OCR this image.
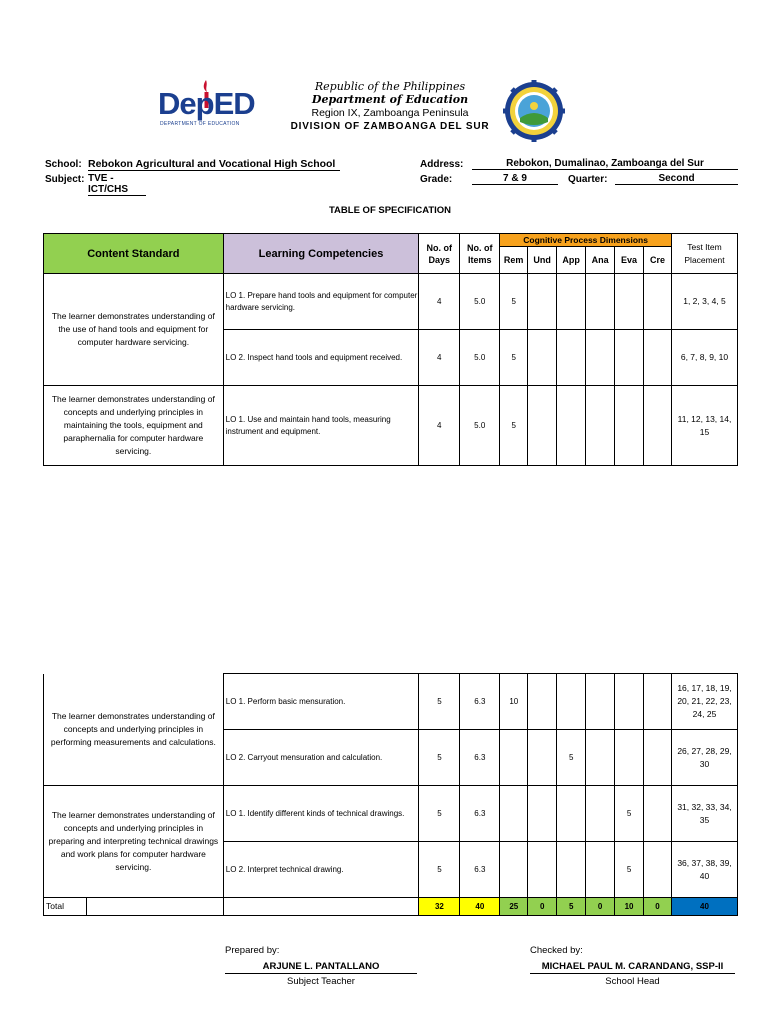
DepED
DEPARTMENT OF EDUCATION
Republic of the Philippines
Department of Education
Region IX, Zamboanga Peninsula
DIVISION OF ZAMBOANGA DEL SUR
School: Rebokon Agricultural and Vocational High School
Subject: TVE - ICT/CHS
Address:	Rebokon, Dumalinao, Zamboanga del Sur
Grade:	7 & 9	Quarter:	Second
TABLE OF SPECIFICATION
Content Standard	Learning Competencies	No. of Days	No. of Items	Cognitive Process Dimensions						Test Item Placement
				Rem	Und	App	Ana	Eva	Cre	
The learner demonstrates understanding of the use of hand tools and equipment for computer hardware servicing.	LO 1. Prepare hand tools and equipment for computer hardware servicing.	4	5.0	5						1, 2, 3, 4, 5
	LO 2. Inspect hand tools and equipment received.	4	5.0	5						6, 7, 8, 9, 10
The learner demonstrates understanding of concepts and underlying principles in maintaining the tools, equipment and paraphernalia for computer hardware servicing.	LO 1. Use and maintain hand tools, measuring instrument and equipment.	4	5.0	5						11, 12, 13, 14, 15
The learner demonstrates understanding of concepts and underlying principles in performing measurements and calculations.	LO 1. Perform basic mensuration.	5	6.3	10						16, 17, 18, 19, 20, 21, 22, 23, 24, 25
	LO 2. Carryout mensuration and calculation.	5	6.3			5				26, 27, 28, 29, 30
The learner demonstrates understanding of concepts and underlying principles in preparing and interpreting technical drawings and work plans for computer hardware servicing.	LO 1. Identify different kinds of technical drawings.	5	6.3					5		31, 32, 33, 34, 35
	LO 2. Interpret technical drawing.	5	6.3					5		36, 37, 38, 39, 40

Total		32	40	25	0	5	0	10	0	40
Prepared by:
ARJUNE L. PANTALLANO
Subject Teacher
Checked by:
MICHAEL PAUL M. CARANDANG, SSP-II
School Head
